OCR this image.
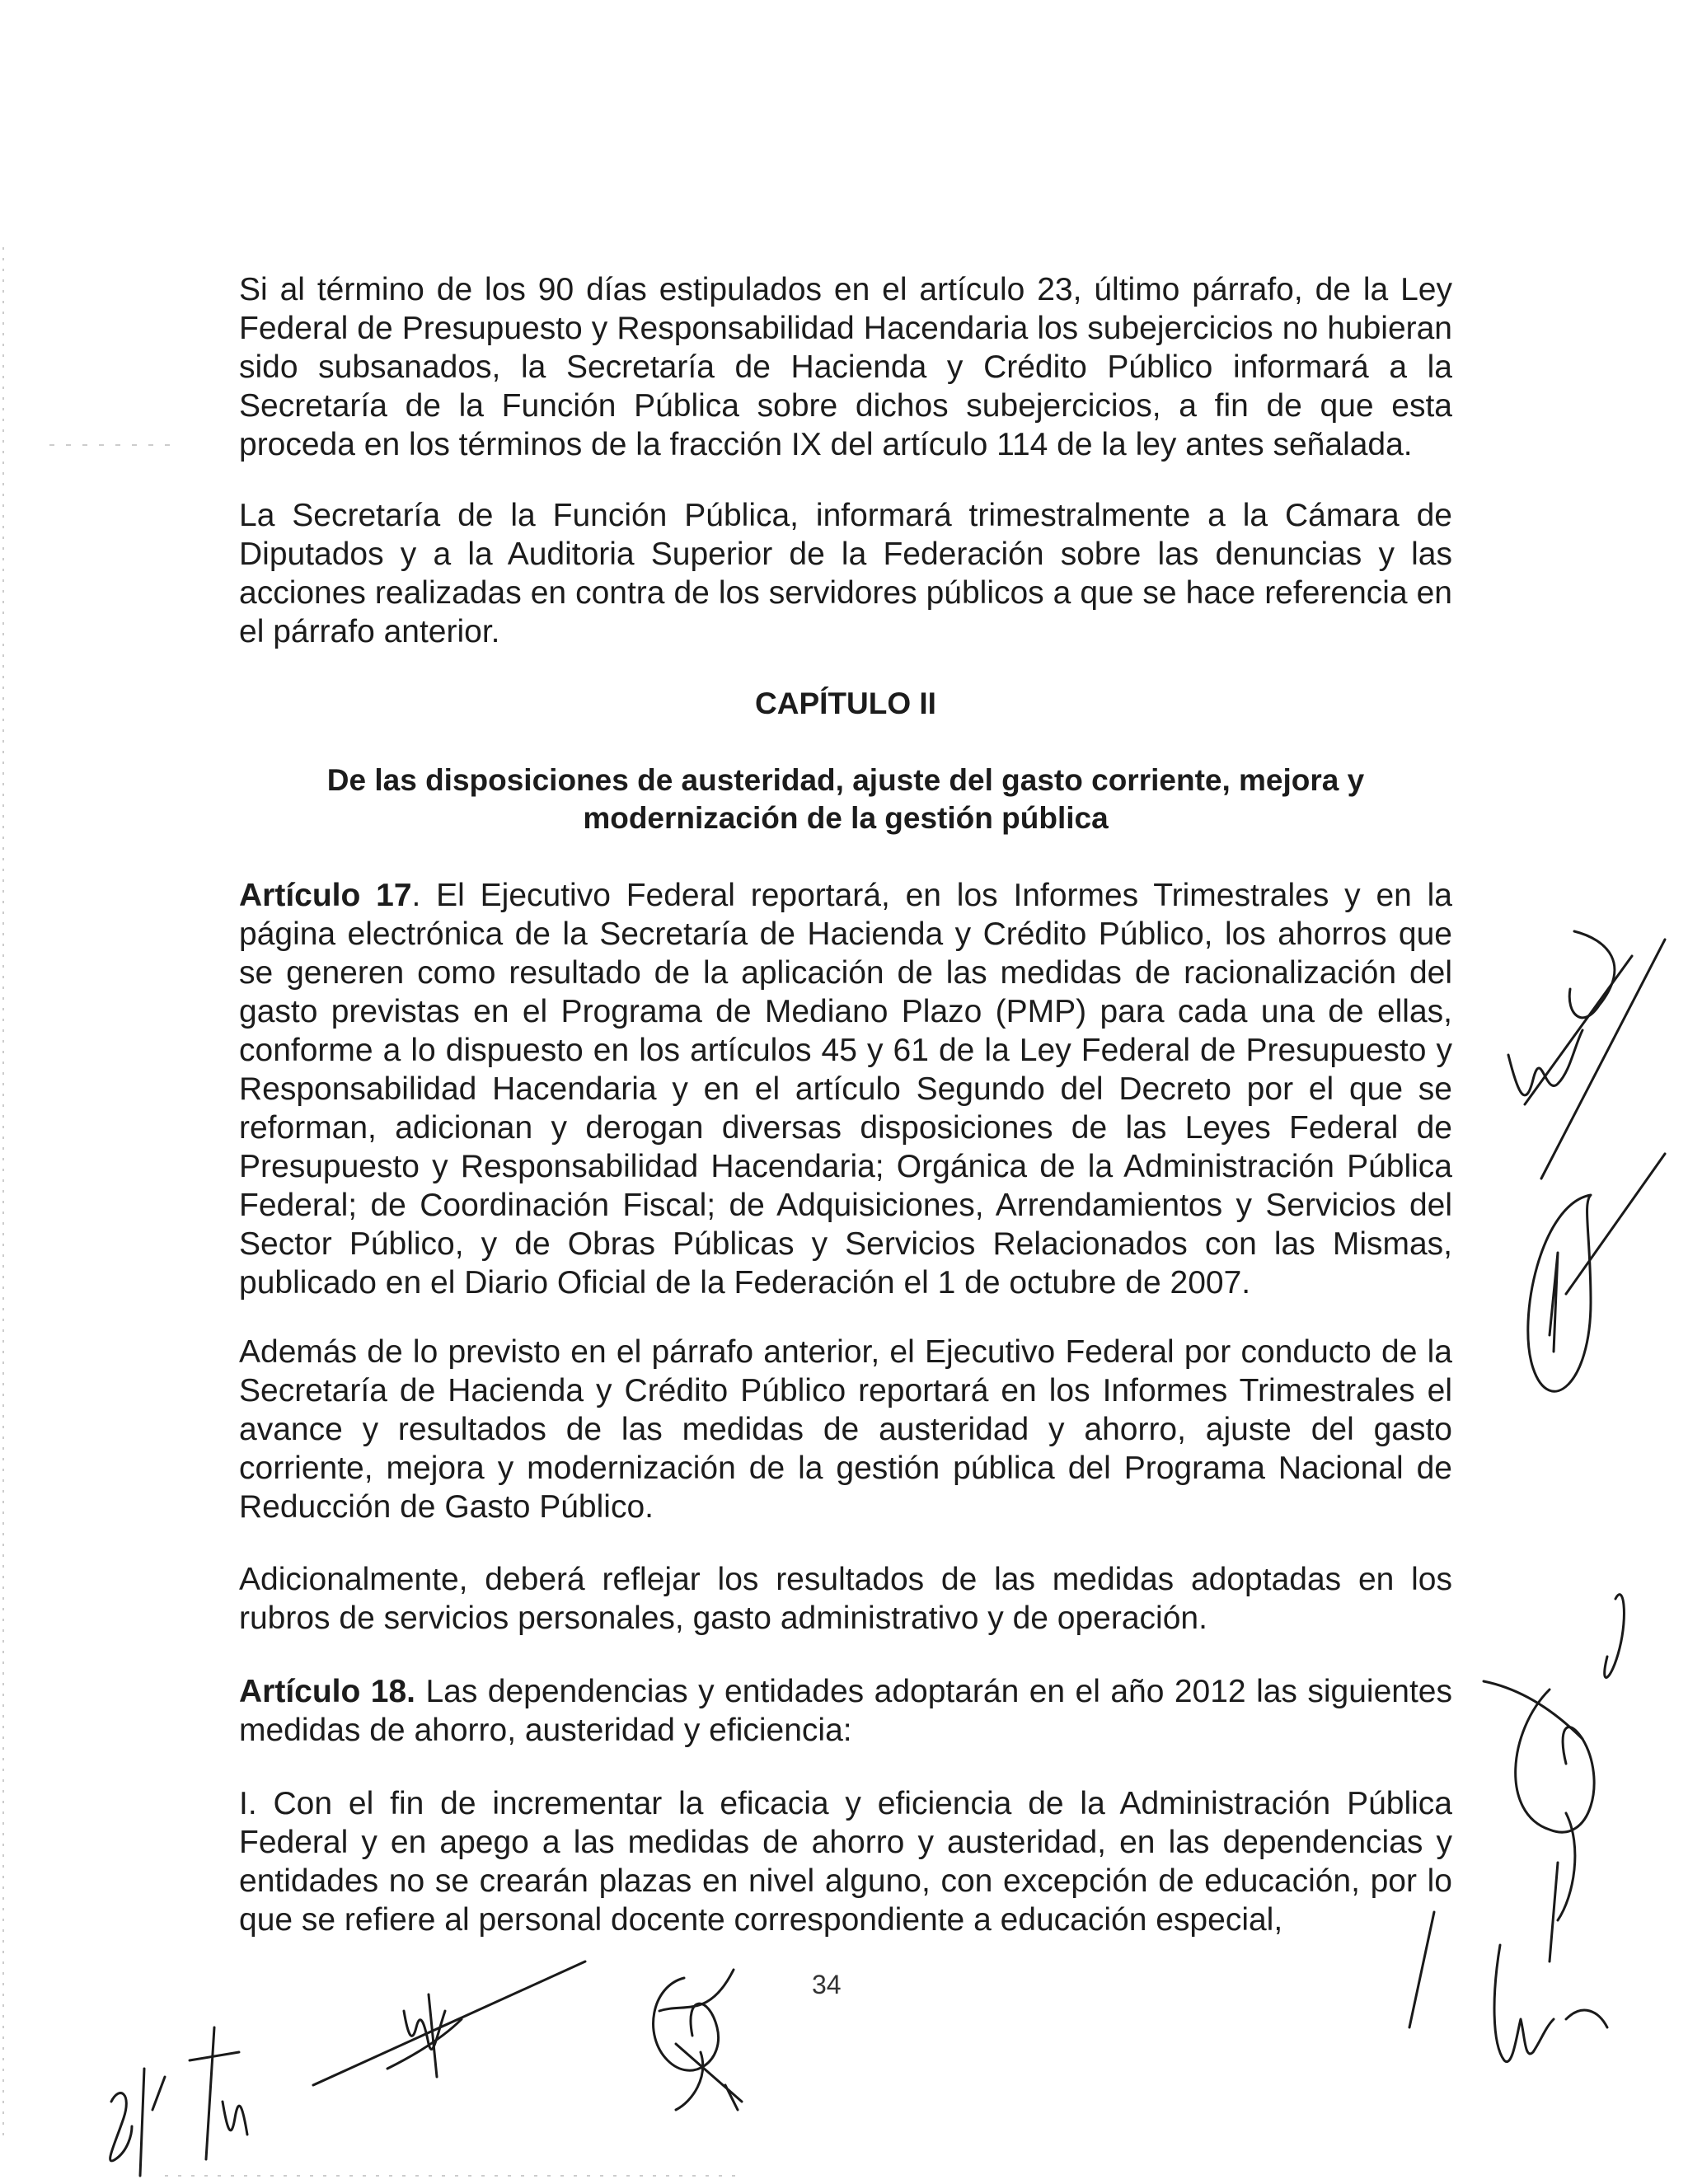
Si al término de los 90 días estipulados en el artículo 23, último párrafo, de la Ley Federal de Presupuesto y Responsabilidad Hacendaria los subejercicios no hubieran sido subsanados, la Secretaría de Hacienda y Crédito Público informará a la Secretaría de la Función Pública sobre dichos subejercicios, a fin de que esta proceda en los términos de la fracción IX del artículo 114 de la ley antes señalada.

La Secretaría de la Función Pública, informará trimestralmente a la Cámara de Diputados y a la Auditoria Superior de la Federación sobre las denuncias y las acciones realizadas en contra de los servidores públicos a que se hace referencia en el párrafo anterior.

CAPÍTULO II
De las disposiciones de austeridad, ajuste del gasto corriente, mejora y
modernización de la gestión pública

Artículo 17. El Ejecutivo Federal reportará, en los Informes Trimestrales y en la página electrónica de la Secretaría de Hacienda y Crédito Público, los ahorros que se generen como resultado de la aplicación de las medidas de racionalización del gasto previstas en el Programa de Mediano Plazo (PMP) para cada una de ellas, conforme a lo dispuesto en los artículos 45 y 61 de la Ley Federal de Presupuesto y Responsabilidad Hacendaria y en el artículo Segundo del Decreto por el que se reforman, adicionan y derogan diversas disposiciones de las Leyes Federal de Presupuesto y Responsabilidad Hacendaria; Orgánica de la Administración Pública Federal; de Coordinación Fiscal; de Adquisiciones, Arrendamientos y Servicios del Sector Público, y de Obras Públicas y Servicios Relacionados con las Mismas, publicado en el Diario Oficial de la Federación el 1 de octubre de 2007.

Además de lo previsto en el párrafo anterior, el Ejecutivo Federal por conducto de la Secretaría de Hacienda y Crédito Público reportará en los Informes Trimestrales el avance y resultados de las medidas de austeridad y ahorro, ajuste del gasto corriente, mejora y modernización de la gestión pública del Programa Nacional de Reducción de Gasto Público.

Adicionalmente, deberá reflejar los resultados de las medidas adoptadas en los rubros de servicios personales, gasto administrativo y de operación.

Artículo 18. Las dependencias y entidades adoptarán en el año 2012 las siguientes medidas de ahorro, austeridad y eficiencia:

I. Con el fin de incrementar la eficacia y eficiencia de la Administración Pública Federal y en apego a las medidas de ahorro y austeridad, en las dependencias y entidades no se crearán plazas en nivel alguno, con excepción de educación, por lo que se refiere al personal docente correspondiente a educación especial,

34
